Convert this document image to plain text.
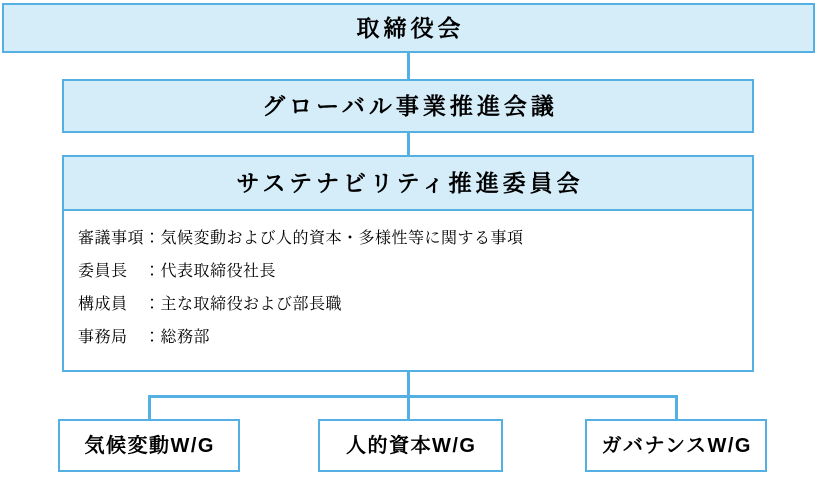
取締役会
グローバル事業推進会議
サステナビリティ推進委員会
審議事項：気候変動および人的資本・多様性等に関する事項
委員長　：代表取締役社長
構成員　：主な取締役および部長職
事務局　：総務部
気候変動W/G	人的資本W/G	ガバナンスW/G
